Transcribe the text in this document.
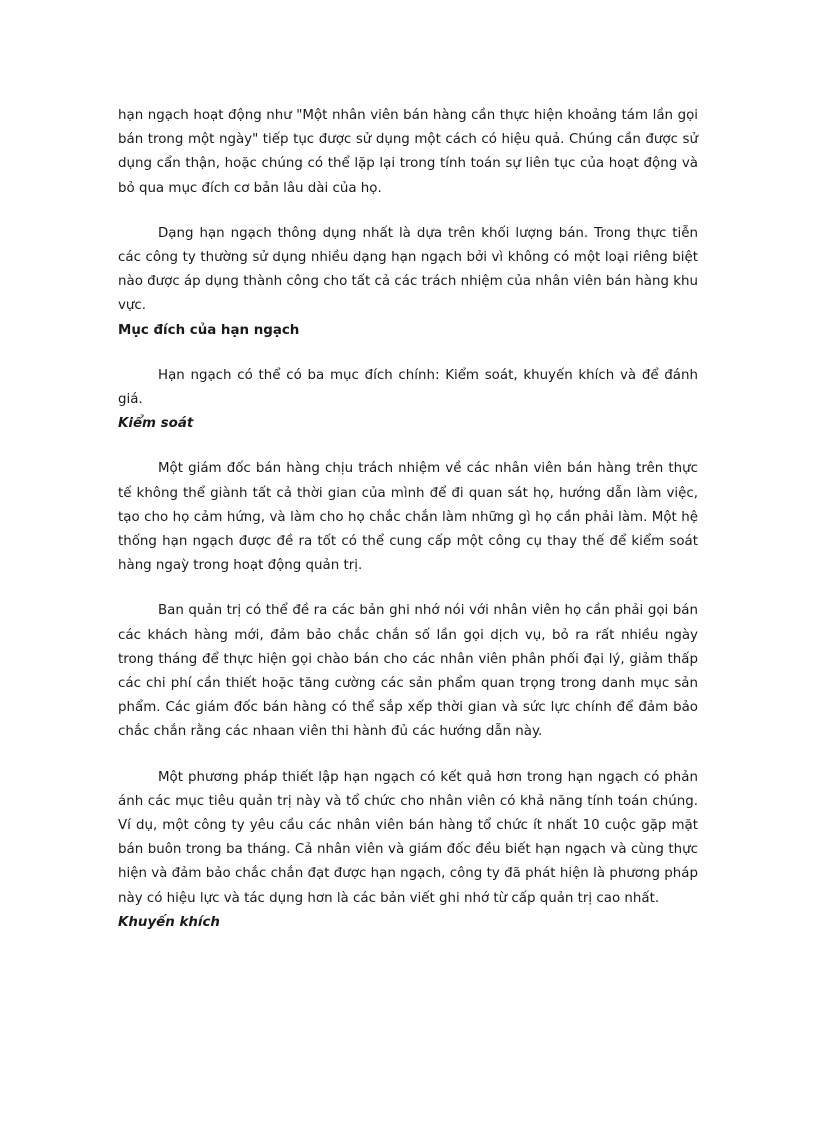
hạn ngạch hoạt động như "Một nhân viên bán hàng cần thực hiện khoảng tám lần gọi bán trong một ngày" tiếp tục được sử dụng một cách có hiệu quả. Chúng cần được sử dụng cẩn thận, hoặc chúng có thể lặp lại trong tính toán sự liên tục của hoạt động và bỏ qua mục đích cơ bản lâu dài của họ.

Dạng hạn ngạch thông dụng nhất là dựa trên khối lượng bán. Trong thực tiễn các công ty thường sử dụng nhiều dạng hạn ngạch bởi vì không có một loại riêng biệt nào được áp dụng thành công cho tất cả các trách nhiệm của nhân viên bán hàng khu vực.

Mục đích của hạn ngạch

Hạn ngạch có thể có ba mục đích chính: Kiểm soát, khuyến khích và để đánh giá.

Kiểm soát

Một giám đốc bán hàng chịu trách nhiệm về các nhân viên bán hàng trên thực tế không thể giành tất cả thời gian của mình để đi quan sát họ, hướng dẫn làm việc, tạo cho họ cảm hứng, và làm cho họ chắc chắn làm những gì họ cần phải làm. Một hệ thống hạn ngạch được đề ra tốt có thể cung cấp một công cụ thay thế để kiểm soát hàng ngaỳ trong hoạt động quản trị.

Ban quản trị có thể đề ra các bản ghi nhớ nói với nhân viên họ cần phải gọi bán các khách hàng mới, đảm bảo chắc chắn số lần gọi dịch vụ, bỏ ra rất nhiều ngày trong tháng để thực hiện gọi chào bán cho các nhân viên phân phối đại lý, giảm thấp các chi phí cần thiết hoặc tăng cường các sản phẩm quan trọng trong danh mục sản phẩm. Các giám đốc bán hàng có thể sắp xếp thời gian và sức lực chính để đảm bảo chắc chắn rằng các nhaan viên thi hành đủ các hướng dẫn này.

Một phương pháp thiết lập hạn ngạch có kết quả hơn trong hạn ngạch có phản ánh các mục tiêu quản trị này và tổ chức cho nhân viên có khả năng tính toán chúng. Ví dụ, một công ty yêu cầu các nhân viên bán hàng tổ chức ít nhất 10 cuộc gặp mặt bán buôn trong ba tháng. Cả nhân viên và giám đốc đều biết hạn ngạch và cùng thực hiện và đảm bảo chắc chắn đạt được hạn ngạch, công ty đã phát hiện là phương pháp này có hiệu lực và tác dụng hơn là các bản viết ghi nhớ từ cấp quản trị cao nhất.

Khuyến khích
